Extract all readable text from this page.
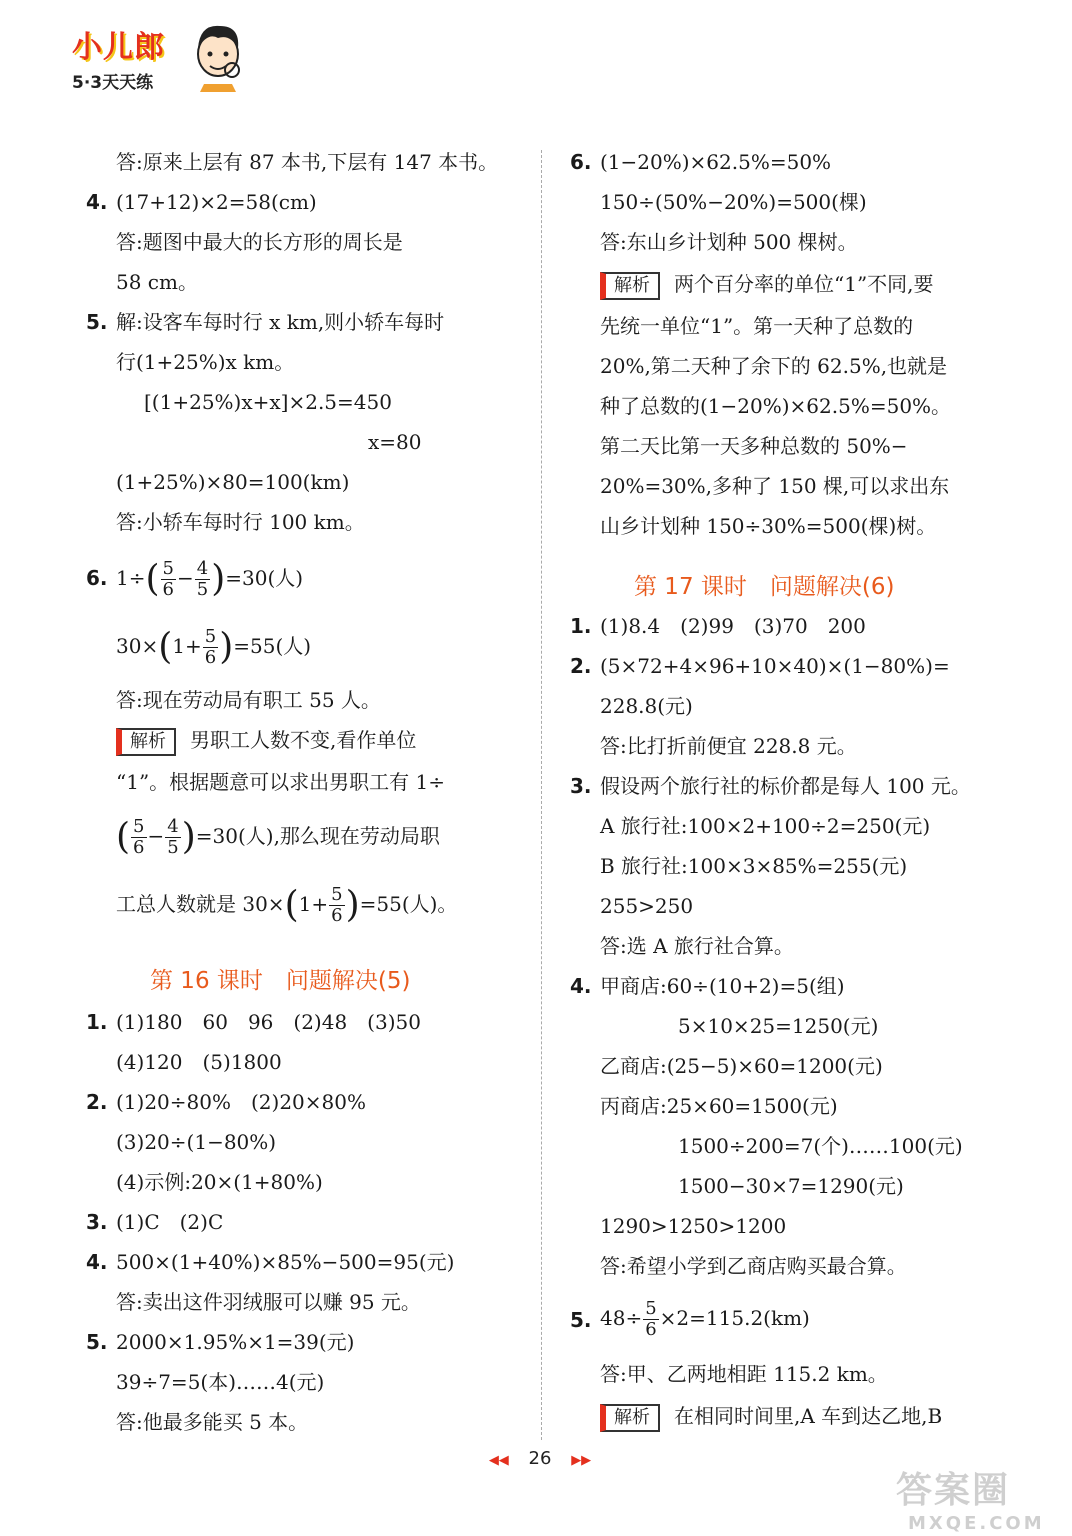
小儿郎
5·3天天练
答:原来上层有 87 本书,下层有 147 本书。
4. (17+12)×2=58(cm)
答:题图中最大的长方形的周长是
58 cm。
5. 解:设客车每时行 x km,则小轿车每时
行(1+25%)x km。
[(1+25%)x+x]×2.5=450
x=80
(1+25%)×80=100(km)
答:小轿车每时行 100 km。
6. $1\div( \frac{5}{6} - \frac{4}{5} )=30$(人)
$30\times(1+ \frac{5}{6} )=55$(人)
答:现在劳动局有职工 55 人。
解析 男职工人数不变,看作单位
“1”。根据题意可以求出男职工有 1÷
( $\frac{5}{6} - \frac{4}{5} )=30$(人),那么现在劳动局职
工总人数就是 $30\times(1+ \frac{5}{6} )=55$(人)。
第 16 课时　问题解决(5)
1. (1)180　60　96　(2)48　(3)50
(4)120　(5)1800
2. (1)20÷80%　(2)20×80%
(3)20÷(1−80%)
(4)示例:20×(1+80%)
3. (1)C　(2)C
4. 500×(1+40%)×85%−500=95(元)
答:卖出这件羽绒服可以赚 95 元。
5. 2000×1.95%×1=39(元)
39÷7=5(本)……4(元)
答:他最多能买 5 本。
6. (1−20%)×62.5%=50%
150÷(50%−20%)=500(棵)
答:东山乡计划种 500 棵树。
解析 两个百分率的单位“1”不同,要
先统一单位“1”。第一天种了总数的
20%,第二天种了余下的 62.5%,也就是
种了总数的(1−20%)×62.5%=50%。
第二天比第一天多种总数的 50%−
20%=30%,多种了 150 棵,可以求出东
山乡计划种 150÷30%=500(棵)树。
第 17 课时　问题解决(6)
1. (1)8.4　(2)99　(3)70　200
2. (5×72+4×96+10×40)×(1−80%)=
228.8(元)
答:比打折前便宜 228.8 元。
3. 假设两个旅行社的标价都是每人 100 元。
A 旅行社:100×2+100÷2=250(元)
B 旅行社:100×3×85%=255(元)
255>250
答:选 A 旅行社合算。
4. 甲商店:60÷(10+2)=5(组)
5×10×25=1250(元)
乙商店:(25−5)×60=1200(元)
丙商店:25×60=1500(元)
1500÷200=7(个)……100(元)
1500−30×7=1290(元)
1290>1250>1200
答:希望小学到乙商店购买最合算。
5. $48\div \frac{5}{6} \times 2=115.2(km)$
答:甲、乙两地相距 115.2 km。
解析 在相同时间里,A 车到达乙地,B
◀◀ 26 ▶▶
答案圈
MXQE.COM
